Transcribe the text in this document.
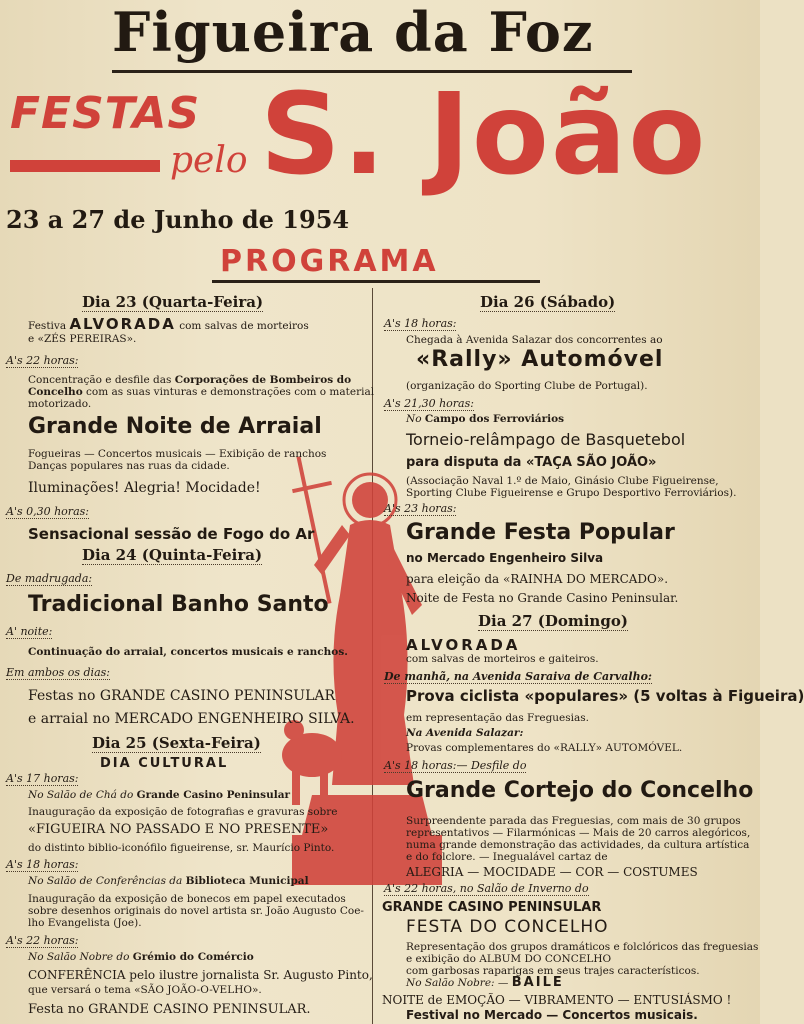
Figueira da Foz
FESTAS
pelo S. João
23 a 27 de Junho de 1954
PROGRAMA
Dia 23 (Quarta-Feira)
Festiva ALVORADA com salvas de morteiros
e «ZÉS PEREIRAS».
A's 22 horas:
Concentração e desfile das Corporações de Bombeiros do
Concelho com as suas vinturas e demonstrações com o material
motorizado.
Grande Noite de Arraial
Fogueiras — Concertos musicais — Exibição de ranchos
Danças populares nas ruas da cidade.
Iluminações! Alegria! Mocidade!
A's 0,30 horas:
Sensacional sessão de Fogo do Ar
Dia 24 (Quinta-Feira)
De madrugada:
Tradicional Banho Santo
A' noite:
Continuação do arraial, concertos musicais e ranchos.
Em ambos os dias:
Festas no GRANDE CASINO PENINSULAR
e arraial no MERCADO ENGENHEIRO SILVA.
Dia 25 (Sexta-Feira)
DIA CULTURAL
A's 17 horas:
No Salão de Chá do Grande Casino Peninsular
Inauguração da exposição de fotografias e gravuras sobre
«FIGUEIRA NO PASSADO E NO PRESENTE»
do distinto biblio-iconófilo figueirense, sr. Maurício Pinto.
A's 18 horas:
No Salão de Conferências da Biblioteca Municipal
Inauguração da exposição de bonecos em papel executados
sobre desenhos originais do novel artista sr. João Augusto Coe-
lho Evangelista (Joe).
A's 22 horas:
No Salão Nobre do Grémio do Comércio
CONFERÊNCIA pelo ilustre jornalista Sr. Augusto Pinto,
que versará o tema «SÃO JOÃO-O-VELHO».
Festa no GRANDE CASINO PENINSULAR.
Dia 26 (Sábado)
A's 18 horas:
Chegada à Avenida Salazar dos concorrentes ao
«Rally» Automóvel
(organização do Sporting Clube de Portugal).
A's 21,30 horas:
No Campo dos Ferroviários
Torneio-relâmpago de Basquetebol
para disputa da «TAÇA SÃO JOÃO»
(Associação Naval 1.º de Maio, Ginásio Clube Figueirense,
Sporting Clube Figueirense e Grupo Desportivo Ferroviários).
A's 23 horas:
Grande Festa Popular
no Mercado Engenheiro Silva
para eleição da «RAINHA DO MERCADO».
Noite de Festa no Grande Casino Peninsular.
Dia 27 (Domingo)
ALVORADA
com salvas de morteiros e gaiteiros.
De manhã, na Avenida Saraiva de Carvalho:
Prova ciclista «populares» (5 voltas à Figueira)
em representação das Freguesias.
Na Avenida Salazar:
Provas complementares do «RALLY» AUTOMÓVEL.
A's 18 horas:— Desfile do
Grande Cortejo do Concelho
Surpreendente parada das Freguesias, com mais de 30 grupos
representativos — Filarmónicas — Mais de 20 carros alegóricos,
numa grande demonstração das actividades, da cultura artística
e do folclore. — Inegualável cartaz de
ALEGRIA — MOCIDADE — COR — COSTUMES
A's 22 horas, no Salão de Inverno do
GRANDE CASINO PENINSULAR
FESTA DO CONCELHO
Representação dos grupos dramáticos e folclóricos das freguesias
e exibição do ALBUM DO CONCELHO
com garbosas raparigas em seus trajes característicos.
No Salão Nobre: — BAILE
NOITE de EMOÇÃO — VIBRAMENTO — ENTUSIÁSMO !
Festival no Mercado — Concertos musicais.
